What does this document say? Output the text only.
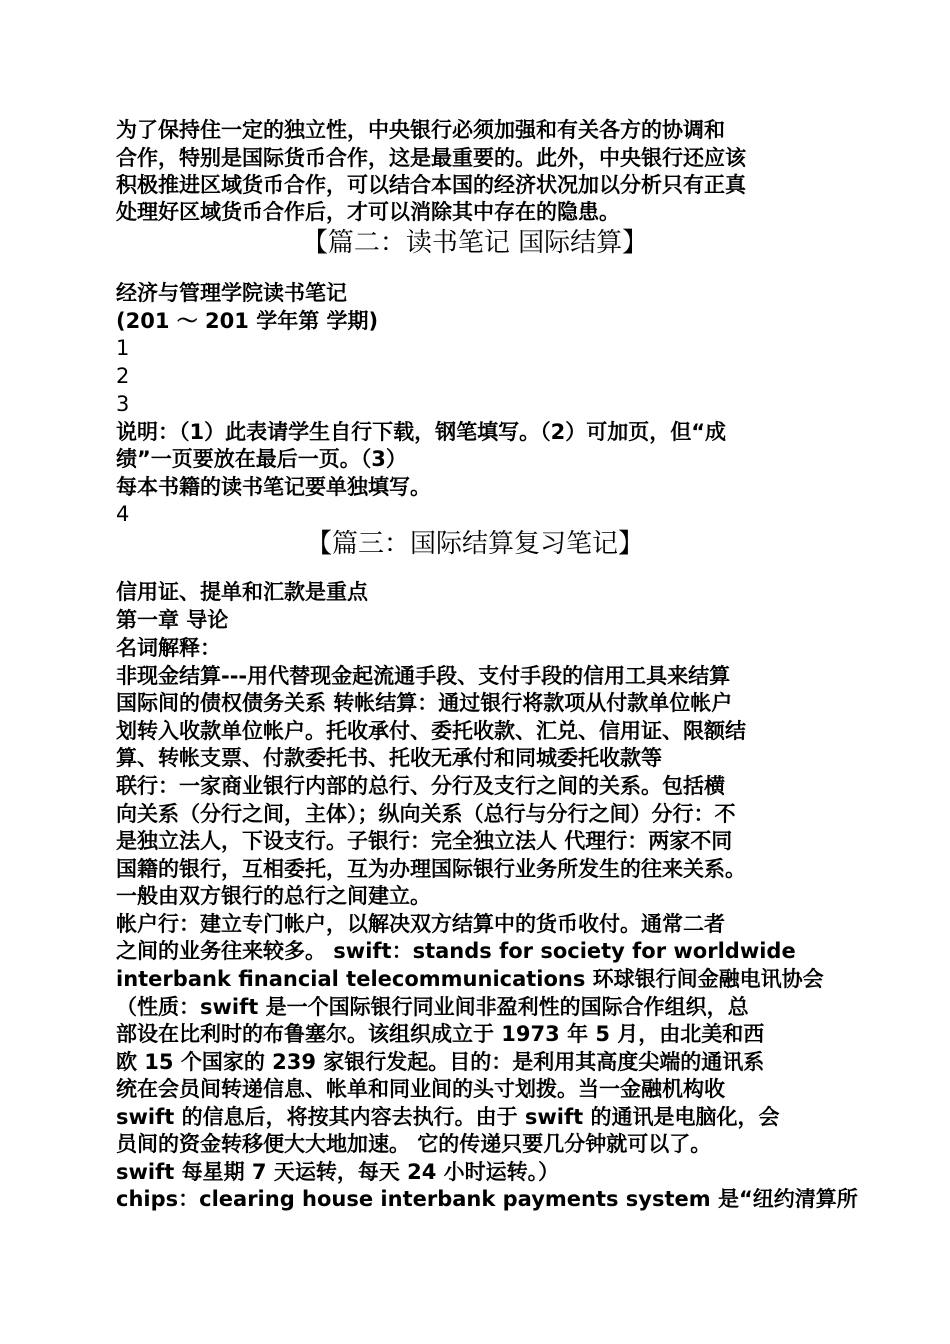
为了保持住一定的独立性，中央银行必须加强和有关各方的协调和
合作，特别是国际货币合作，这是最重要的。此外，中央银行还应该
积极推进区域货币合作，可以结合本国的经济状况加以分析只有正真
处理好区域货币合作后，才可以消除其中存在的隐患。
【篇二：读书笔记 国际结算】
经济与管理学院读书笔记
(201 ～ 201 学年第 学期)
1
2
3
说明：（1）此表请学生自行下载，钢笔填写。（2）可加页，但“成
绩”一页要放在最后一页。（3）
每本书籍的读书笔记要单独填写。
4
【篇三：国际结算复习笔记】
信用证、提单和汇款是重点
第一章 导论
名词解释：
非现金结算---用代替现金起流通手段、支付手段的信用工具来结算
国际间的债权债务关系 转帐结算：通过银行将款项从付款单位帐户
划转入收款单位帐户。托收承付、委托收款、汇兑、信用证、限额结
算、转帐支票、付款委托书、托收无承付和同城委托收款等
联行：一家商业银行内部的总行、分行及支行之间的关系。包括横
向关系（分行之间，主体）；纵向关系（总行与分行之间）分行：不
是独立法人，下设支行。子银行：完全独立法人 代理行：两家不同
国籍的银行，互相委托，互为办理国际银行业务所发生的往来关系。
一般由双方银行的总行之间建立。
帐户行：建立专门帐户，以解决双方结算中的货币收付。通常二者
之间的业务往来较多。 swift：stands for society for worldwide
interbank financial telecommunications 环球银行间金融电讯协会
（性质：swift 是一个国际银行同业间非盈利性的国际合作组织，总
部设在比利时的布鲁塞尔。该组织成立于 1973 年 5 月，由北美和西
欧 15 个国家的 239 家银行发起。目的：是利用其高度尖端的通讯系
统在会员间转递信息、帐单和同业间的头寸划拨。当一金融机构收
swift 的信息后，将按其内容去执行。由于 swift 的通讯是电脑化，会
员间的资金转移便大大地加速。 它的传递只要几分钟就可以了。
swift 每星期 7 天运转，每天 24 小时运转。）
chips：clearing house interbank payments system 是“纽约清算所
